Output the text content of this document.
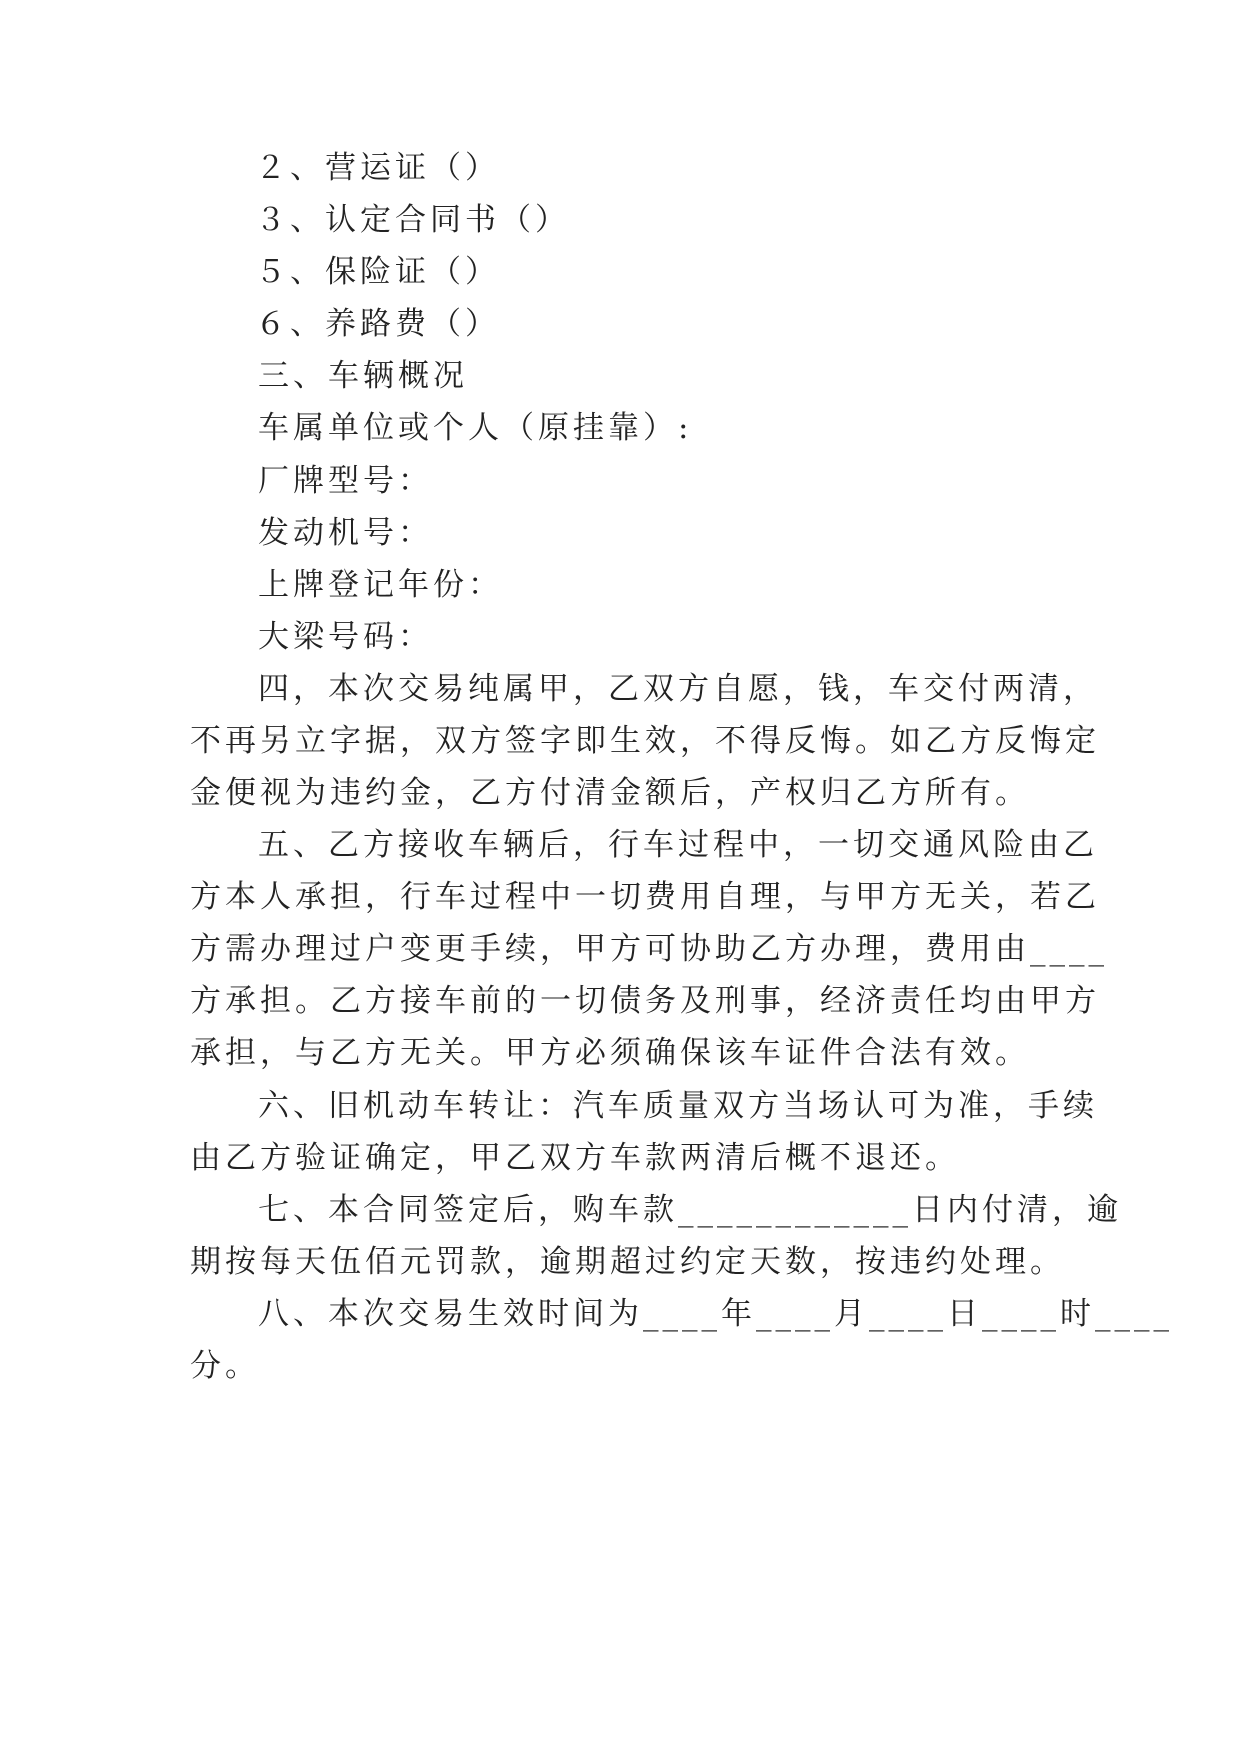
２、营运证（）
３、认定合同书（）
５、保险证（）
６、养路费（）
三、车辆概况
车属单位或个人（原挂靠）:
厂牌型号：
发动机号：
上牌登记年份：
大梁号码：
四，本次交易纯属甲，乙双方自愿，钱，车交付两清，
不再另立字据，双方签字即生效，不得反悔。如乙方反悔定
金便视为违约金，乙方付清金额后，产权归乙方所有。
五、乙方接收车辆后，行车过程中，一切交通风险由乙
方本人承担，行车过程中一切费用自理，与甲方无关，若乙
方需办理过户变更手续，甲方可协助乙方办理，费用由____
方承担。乙方接车前的一切债务及刑事，经济责任均由甲方
承担，与乙方无关。甲方必须确保该车证件合法有效。
六、旧机动车转让：汽车质量双方当场认可为准，手续
由乙方验证确定，甲乙双方车款两清后概不退还。
七、本合同签定后，购车款____________日内付清，逾
期按每天伍佰元罚款，逾期超过约定天数，按违约处理。
八、本次交易生效时间为____年____月____日____时____
分。
